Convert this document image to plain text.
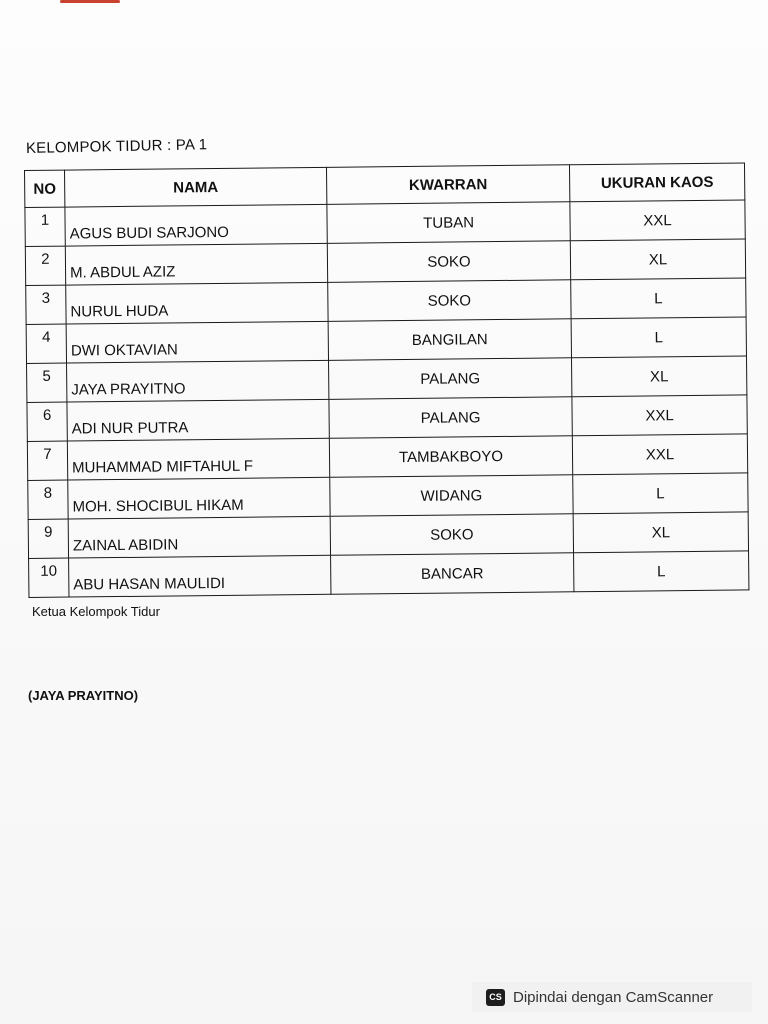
KELOMPOK TIDUR : PA 1
NO	NAMA	KWARRAN	UKURAN KAOS
1	AGUS BUDI SARJONO	TUBAN	XXL
2	M. ABDUL AZIZ	SOKO	XL
3	NURUL HUDA	SOKO	L
4	DWI OKTAVIAN	BANGILAN	L
5	JAYA PRAYITNO	PALANG	XL
6	ADI NUR PUTRA	PALANG	XXL
7	MUHAMMAD MIFTAHUL F	TAMBAKBOYO	XXL
8	MOH. SHOCIBUL HIKAM	WIDANG	L
9	ZAINAL ABIDIN	SOKO	XL
10	ABU HASAN MAULIDI	BANCAR	L
Ketua Kelompok Tidur
(JAYA PRAYITNO)
CS Dipindai dengan CamScanner
